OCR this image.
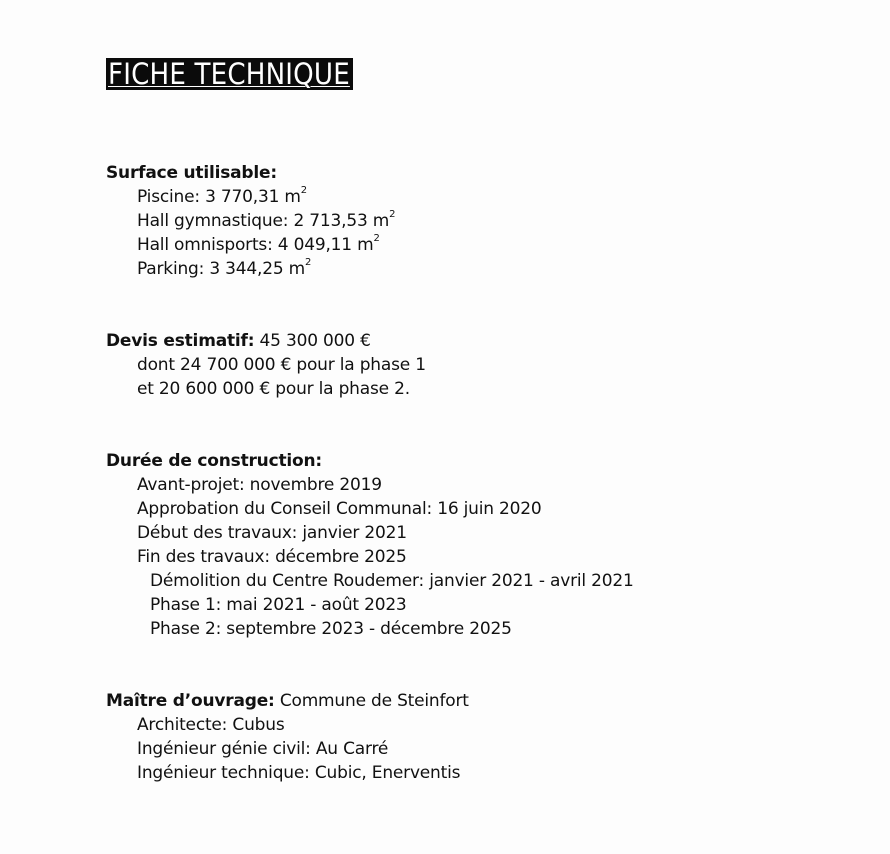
FICHE TECHNIQUE
Surface utilisable:
Piscine: 3 770,31 $m^2$
Hall gymnastique: 2 713,53 $m^2$
Hall omnisports: 4 049,11 $m^2$
Parking: 3 344,25 $m^2$
Devis estimatif: 45 300 000 €
dont 24 700 000 € pour la phase 1
et 20 600 000 € pour la phase 2.
Durée de construction:
Avant-projet: novembre 2019
Approbation du Conseil Communal: 16 juin 2020
Début des travaux: janvier 2021
Fin des travaux: décembre 2025
Démolition du Centre Roudemer: janvier 2021 - avril 2021
Phase 1: mai 2021 - août 2023
Phase 2: septembre 2023 - décembre 2025
Maître d’ouvrage: Commune de Steinfort
Architecte: Cubus
Ingénieur génie civil: Au Carré
Ingénieur technique: Cubic, Enerventis
